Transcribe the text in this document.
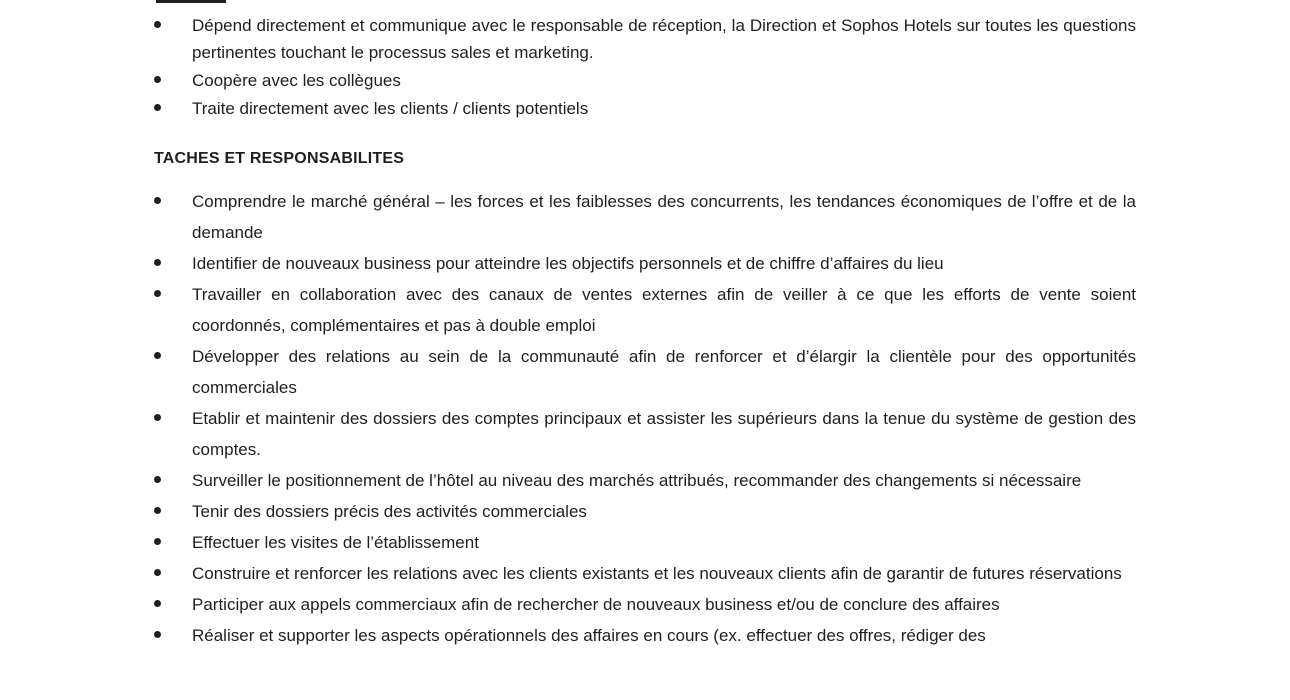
Dépend directement et communique avec le responsable de réception, la Direction et Sophos Hotels sur toutes les questions pertinentes touchant le processus sales et marketing.
Coopère avec les collègues
Traite directement avec les clients / clients potentiels
TACHES ET RESPONSABILITES
Comprendre le marché général – les forces et les faiblesses des concurrents, les tendances économiques de l’offre et de la demande
Identifier de nouveaux business pour atteindre les objectifs personnels et de chiffre d’affaires du lieu
Travailler en collaboration avec des canaux de ventes externes afin de veiller à ce que les efforts de vente soient coordonnés, complémentaires et pas à double emploi
Développer des relations au sein de la communauté afin de renforcer et d’élargir la clientèle pour des opportunités commerciales
Etablir et maintenir des dossiers des comptes principaux et assister les supérieurs dans la tenue du système de gestion des comptes.
Surveiller le positionnement de l’hôtel au niveau des marchés attribués, recommander des changements si nécessaire
Tenir des dossiers précis des activités commerciales
Effectuer les visites de l’établissement
Construire et renforcer les relations avec les clients existants et les nouveaux clients afin de garantir de futures réservations
Participer aux appels commerciaux afin de rechercher de nouveaux business et/ou de conclure des affaires
Réaliser et supporter les aspects opérationnels des affaires en cours (ex. effectuer des offres, rédiger des
